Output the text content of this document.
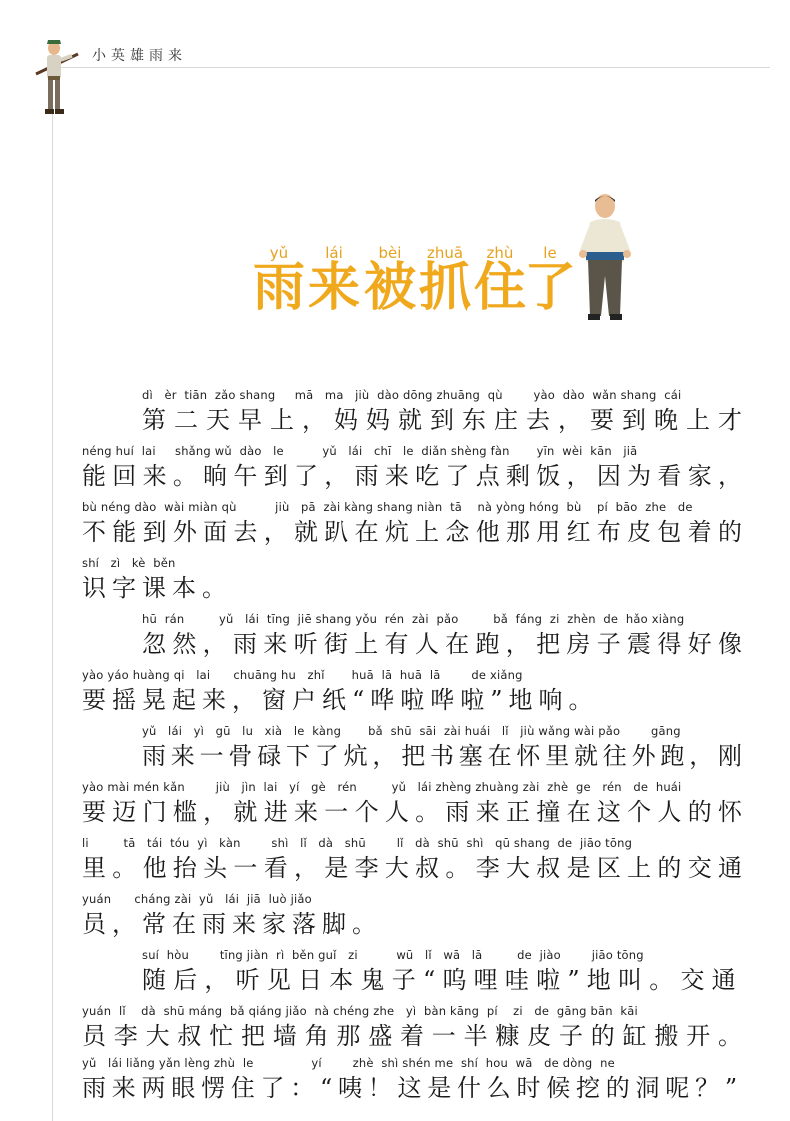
小英雄雨来
yǔ lái bèi zhuā zhù le
雨 来 被 抓 住
了
dì   èr  tiān  zǎo shang     mā   ma   jiù  dào dōng zhuāng  qù        yào  dào  wǎn shang  cái
第二天早上，妈妈就到东庄去，要到晚上才
néng huí  lai     shǎng wǔ  dào   le          yǔ   lái   chī   le  diǎn shèng fàn       yīn  wèi  kān   jiā
能回来。晌午到了，雨来吃了点剩饭，因为看家，
bù néng dào  wài miàn qù          jiù   pā  zài kàng shang niàn  tā    nà yòng hóng  bù    pí  bāo  zhe   de
不能到外面去，就趴在炕上念他那用红布皮包着的
shí   zì   kè  běn
识字课本。
hū  rán         yǔ   lái  tīng  jiē shang yǒu  rén  zài  pǎo         bǎ  fáng  zi  zhèn  de  hǎo xiàng
忽然，雨来听街上有人在跑，把房子震得好像
yào yáo huàng qi   lai      chuāng hu   zhǐ       huā  lā  huā  lā        de xiǎng
要摇晃起来，窗户纸“哗啦哗啦”地响。
yǔ   lái   yì   gū   lu   xià   le  kàng       bǎ  shū  sāi  zài huái   lǐ   jiù wǎng wài pǎo        gāng
雨来一骨碌下了炕，把书塞在怀里就往外跑，刚
yào mài mén kǎn        jiù   jìn  lai   yí   gè   rén         yǔ   lái zhèng zhuàng zài  zhè  ge   rén   de  huái
要迈门槛，就进来一个人。雨来正撞在这个人的怀
li         tā   tái  tóu  yì   kàn        shì   lǐ   dà   shū        lǐ   dà  shū  shì   qū shang  de  jiāo tōng
里。他抬头一看，是李大叔。李大叔是区上的交通
yuán      cháng zài  yǔ   lái  jiā  luò jiǎo
员，常在雨来家落脚。
suí  hòu        tīng jiàn  rì  běn guǐ   zi          wū   lǐ   wā   lā         de  jiào        jiāo tōng
随后，听见日本鬼子“呜哩哇啦”地叫。交通
yuán  lǐ    dà  shū máng  bǎ qiáng jiǎo  nà chéng zhe   yì  bàn kāng  pí    zi   de  gāng bān  kāi
员李大叔忙把墙角那盛着一半糠皮子的缸搬开。
yǔ   lái liǎng yǎn lèng zhù  le               yí        zhè  shì shén me  shí  hou  wā   de dòng  ne
雨来两眼愣住了：“咦！这是什么时候挖的洞呢？”
